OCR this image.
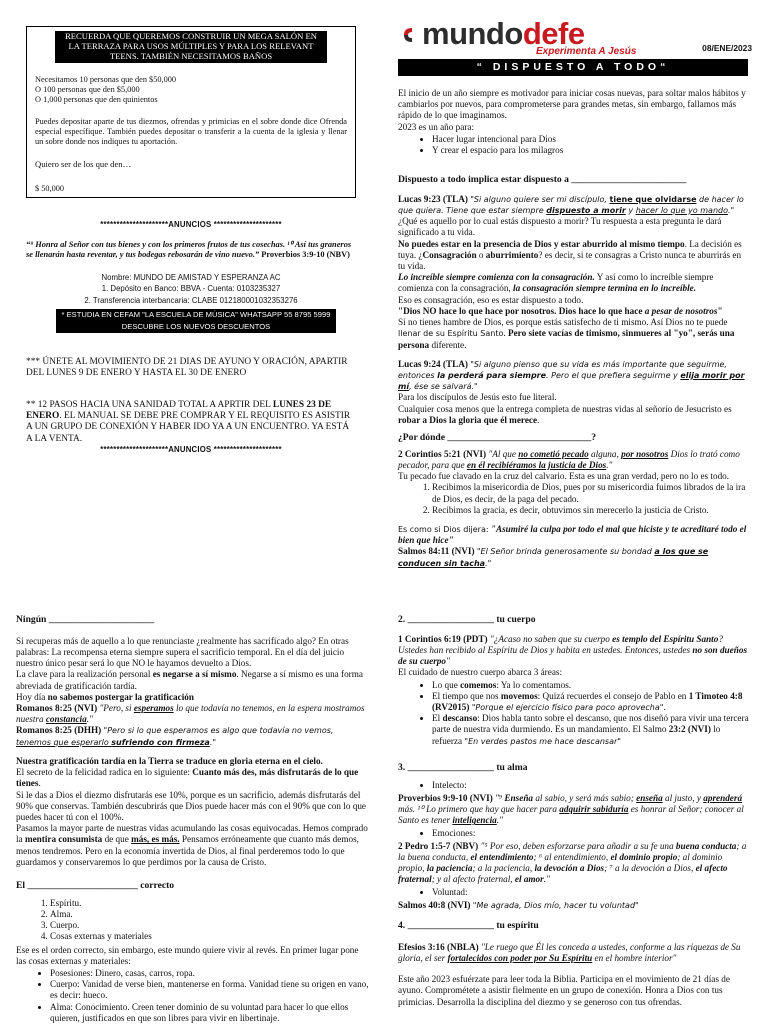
RECUERDA QUE QUEREMOS CONSTRUIR UN MEGA SALÓN EN LA TERRAZA PARA USOS MÚLTIPLES Y PARA LOS RELEVANT TEENS. TAMBIÉN NECESITAMOS BAÑOS
Necesitamos 10 personas que den $50,000
O 100 personas que den $5,000
O 1,000 personas que den quinientos
Puedes depositar aparte de tus diezmos, ofrendas y primicias en el sobre donde dice Ofrenda especial específique. También puedes depositar o transferir a la cuenta de la iglesia y llenar un sobre donde nos indiques tu aportación.
Quiero ser de los que den…
$ 50,000
*********************ANUNCIOS *********************
“⁹ Honra al Señor con tus bienes y con los primeros frutos de tus cosechas. ¹⁰ Así tus graneros se llenarán hasta reventar, y tus bodegas rebosarán de vino nuevo.” Proverbios 3:9-10 (NBV)
Nombre: MUNDO DE AMISTAD Y ESPERANZA AC
1. Depósito en Banco: BBVA - Cuenta: 0103235327
2. Transferencia interbancaria: CLABE 012180001032353276
* ESTUDIA EN CEFAM "LA ESCUELA DE MÚSICA" WHATSAPP 55 8795 5999
DESCUBRE LOS NUEVOS DESCUENTOS
*** ÚNETE AL MOVIMIENTO DE 21 DIAS DE AYUNO Y ORACIÓN, APARTIR DEL LUNES 9 DE ENERO Y HASTA EL 30 DE ENERO
** 12 PASOS HACIA UNA SANIDAD TOTAL A APRTIR DEL LUNES 23 DE ENERO. EL MANUAL SE DEBE PRE COMPRAR Y EL REQUISITO ES ASISTIR A UN GRUPO DE CONEXIÓN Y HABER IDO YA A UN ENCUENTRO. YA ESTÁ A LA VENTA.
*********************ANUNCIOS *********************
mundodefe
Experimenta A Jesús	08/ENE/2023
“ DISPUESTO A TODO“
El inicio de un año siempre es motivador para iniciar cosas nuevas, para soltar malos hábitos y cambiarlos por nuevos, para comprometerse para grandes metas, sin embargo, fallamos más rápido de lo que imaginamos.
2023 es un año para:
• Hacer lugar intencional para Dios
• Y crear el espacio para los milagros
Dispuesto a todo implica estar dispuesto a ________________________
Lucas 9:23 (TLA) "Si alguno quiere ser mi discípulo, tiene que olvidarse de hacer lo que quiera. Tiene que estar siempre dispuesto a morir y hacer lo que yo mando." ¿Qué es aquello por lo cual estás dispuesto a morir? Tu respuesta a esta pregunta le dará significado a tu vida.
No puedes estar en la presencia de Dios y estar aburrido al mismo tiempo. La decisión es tuya. ¿Consagración o aburrimiento? es decir, si te consagras a Cristo nunca te aburrirás en tu vida.
Lo increíble siempre comienza con la consagración. Y así como lo increíble siempre comienza con la consagración, la consagración siempre termina en lo increíble.
Eso es consagración, eso es estar dispuesto a todo.
"Dios NO hace lo que hace por nosotros. Dios hace lo que hace a pesar de nosotros"
Si no tienes hambre de Dios, es porque estás satisfecho de ti mismo. Así Dios no te puede llenar de su Espíritu Santo. Pero siete vacías de timismo, sinmueres al "yo", serás una persona diferente.
Lucas 9:24 (TLA) "Si alguno pienso que su vida es más importante que seguirme, entonces la perderá para siempre. Pero el que prefiera seguirme y elija morir por mí, ése se salvará."
Para los discípulos de Jesús esto fue literal.
Cualquier cosa menos que la entrega completa de nuestras vidas al señorío de Jesucristo es robar a Dios la gloria que él merece.
¿Por dónde ______________________________?
2 Corintios 5:21 (NVI) "Al que no cometió pecado alguna, por nosotros Dios lo trató como pecador, para que en él recibiéramos la justicia de Dios."
Tu pecado fue clavado en la cruz del calvario. Esta es una gran verdad, pero no lo es todo.
1. Recibimos la misericordia de Dios, pues por su misericordia fuimos librados de la ira de Dios, es decir, de la paga del pecado.
2. Recibimos la gracia, es decir, obtuvimos sin merecerlo la justicia de Cristo.
Es como si Dios dijera: "Asumiré la culpa por todo el mal que hiciste y te acreditaré todo el bien que hice"
Salmos 84:11 (NVI) "El Señor brinda generosamente su bondad a los que se conducen sin tacha."
Ningún ______________________
Si recuperas más de aquello a lo que renunciaste ¿realmente has sacrificado algo? En otras palabras: La recompensa eterna siempre supera el sacrificio temporal. En el día del juicio nuestro único pesar será lo que NO le hayamos devuelto a Dios.
La clave para la realización personal es negarse a sí mismo. Negarse a sí mismo es una forma abreviada de gratificación tardía.
Hoy día no sabemos postergar la gratificación
Romanos 8:25 (NVI) "Pero, si esperamos lo que todavía no tenemos, en la espera mostramos nuestra constancia."
Romanos 8:25 (DHH) "Pero si lo que esperamos es algo que todavía no vemos, tenemos que esperarlo sufriendo con firmeza."
Nuestra gratificación tardía en la Tierra se traduce en gloria eterna en el cielo.
El secreto de la felicidad radica en lo siguiente: Cuanto más des, más disfrutarás de lo que tienes.
Si le das a Dios el diezmo disfrutarás ese 10%, porque es un sacrificio, además disfrutarás del 90% que conservas. También descubrirás que Dios puede hacer más con el 90% que con lo que puedes hacer tú con el 100%.
Pasamos la mayor parte de nuestras vidas acumulando las cosas equivocadas. Hemos comprado la mentira consumista de que más, es más. Pensamos erróneamente que cuanto más demos, menos tendremos. Pero en la economía invertida de Dios, al final perderemos todo lo que guardamos y conservaremos lo que perdimos por la causa de Cristo.
El _______________________ correcto
1. Espíritu.
2. Alma.
3. Cuerpo.
4. Cosas externas y materiales
Ese es el orden correcto, sin embargo, este mundo quiere vivir al revés. En primer lugar pone las cosas externas y materiales:
• Posesiones: Dinero, casas, carros, ropa.
• Cuerpo: Vanidad de verse bien, mantenerse en forma. Vanidad tiene su origen en vano, es decir: hueco.
• Alma: Conocimiento. Creen tener dominio de su voluntad para hacer lo que ellos quieren, justificados en que son libres para vivir en libertinaje.
2. __________________ tu cuerpo
1 Corintios 6:19 (PDT) "¿Acaso no saben que su cuerpo es templo del Espíritu Santo? Ustedes han recibido al Espíritu de Dios y habita en ustedes. Entonces, ustedes no son dueños de su cuerpo"
El cuidado de nuestro cuerpo abarca 3 áreas:
• Lo que comemos: Ya lo comentamos.
• El tiempo que nos movemos: Quizá recuerdes el consejo de Pablo en 1 Timoteo 4:8 (RV2015) "Porque el ejercicio físico para poco aprovecha".
• El descanso: Dios habla tanto sobre el descanso, que nos diseñó para vivir una tercera parte de nuestra vida durmiendo. Es un mandamiento. El Salmo 23:2 (NVI) lo refuerza "En verdes pastos me hace descansar"
3. __________________ tu alma
• Intelecto:
Proverbios 9:9-10 (NVI) "⁹ Enseña al sabio, y será más sabio; enseña al justo, y aprenderá más. ¹⁰ Lo primero que hay que hacer para adquirir sabiduría es honrar al Señor; conocer al Santo es tener inteligencia."
• Emociones:
2 Pedro 1:5-7 (NBV) "⁵ Por eso, deben esforzarse para añadir a su fe una buena conducta; a la buena conducta, el entendimiento; ⁶ al entendimiento, el dominio propio; al dominio propio, la paciencia; a la paciencia, la devoción a Dios; ⁷ a la devoción a Dios, el afecto fraternal; y al afecto fraternal, el amor."
• Voluntad:
Salmos 40:8 (NVI) "Me agrada, Dios mío, hacer tu voluntad"
4. __________________ tu espíritu
Efesios 3:16 (NBLA) "Le ruego que Él les conceda a ustedes, conforme a las riquezas de Su gloria, el ser fortalecidos con poder por Su Espíritu en el hombre interior"
Este año 2023 esfuérzate para leer toda la Biblia. Participa en el movimiento de 21 días de ayuno. Comprométete a asistir fielmente en un grupo de conexión. Honra a Dios con tus primicias. Desarrolla la disciplina del diezmo y se generoso con tus ofrendas.
